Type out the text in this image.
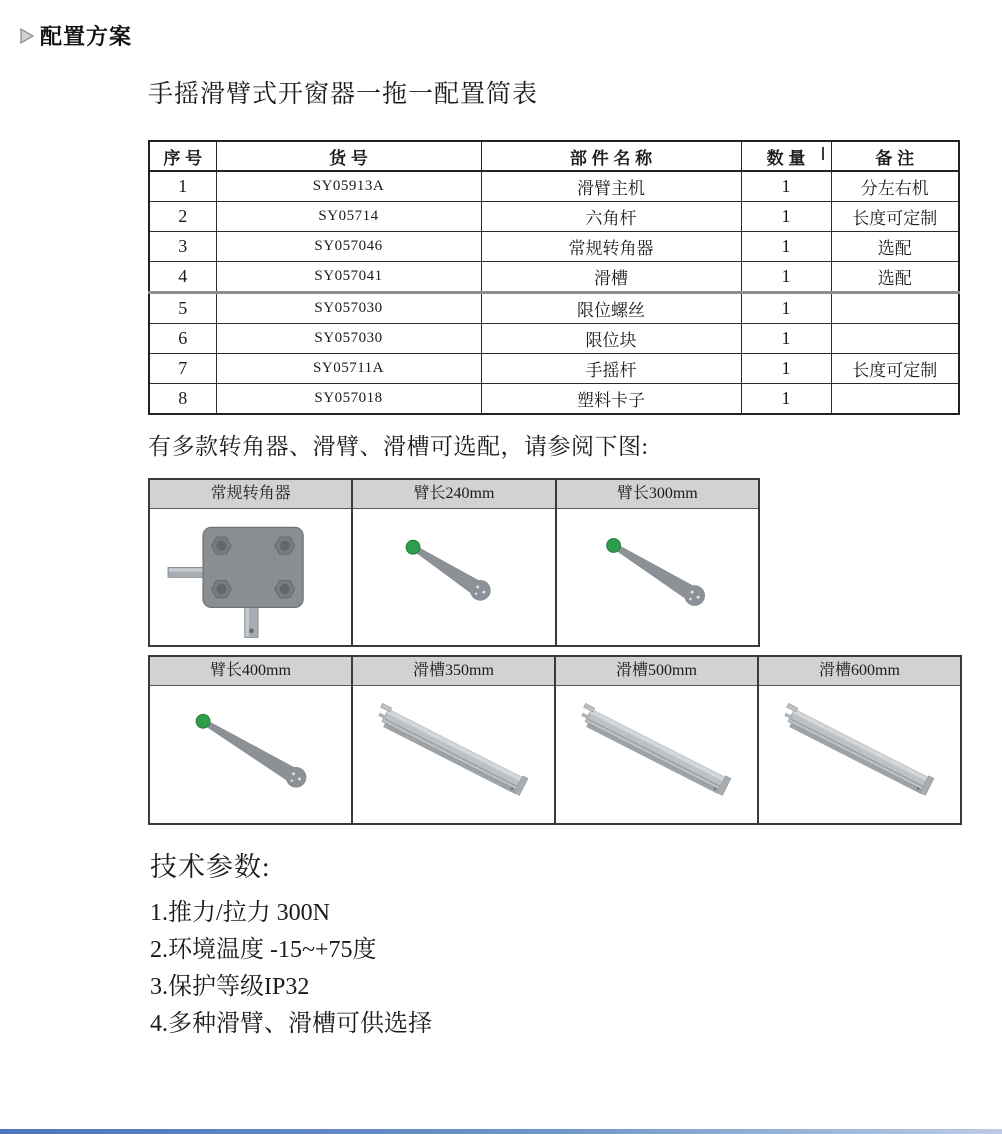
配置方案
手摇滑臂式开窗器一拖一配置简表
序 号	货 号	部 件 名 称	数 量	备 注
1	SY05913A	滑臂主机	1	分左右机
2	SY05714	六角杆	1	长度可定制
3	SY057046	常规转角器	1	选配
4	SY057041	滑槽	1	选配
5	SY057030	限位螺丝	1	
6	SY057030	限位块	1	
7	SY05711A	手摇杆	1	长度可定制
8	SY057018	塑料卡子	1	
有多款转角器、滑臂、滑槽可选配，请参阅下图:
常规转角器	臂长240mm	臂长300mm
臂长400mm	滑槽350mm	滑槽500mm	滑槽600mm
技术参数:
1.推力/拉力 300N
2.环境温度 -15~+75度
3.保护等级IP32
4.多种滑臂、滑槽可供选择
